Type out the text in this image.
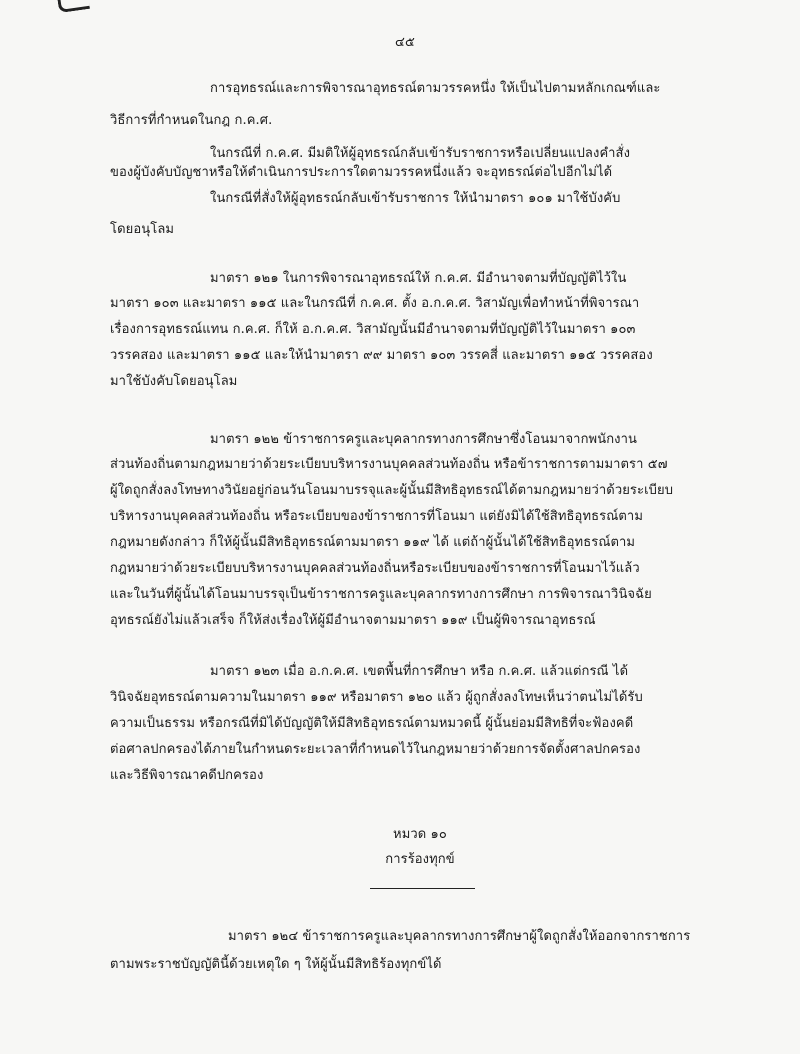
๔๕
การอุทธรณ์และการพิจารณาอุทธรณ์ตามวรรคหนึ่ง ให้เป็นไปตามหลักเกณฑ์และ
วิธีการที่กำหนดในกฎ ก.ค.ศ.
ในกรณีที่ ก.ค.ศ. มีมติให้ผู้อุทธรณ์กลับเข้ารับราชการหรือเปลี่ยนแปลงคำสั่ง
ของผู้บังคับบัญชาหรือให้ดำเนินการประการใดตามวรรคหนึ่งแล้ว จะอุทธรณ์ต่อไปอีกไม่ได้
ในกรณีที่สั่งให้ผู้อุทธรณ์กลับเข้ารับราชการ ให้นำมาตรา ๑๐๑ มาใช้บังคับ
โดยอนุโลม
มาตรา ๑๒๑ ในการพิจารณาอุทธรณ์ให้ ก.ค.ศ. มีอำนาจตามที่บัญญัติไว้ใน
มาตรา ๑๐๓ และมาตรา ๑๑๕ และในกรณีที่ ก.ค.ศ. ตั้ง อ.ก.ค.ศ. วิสามัญเพื่อทำหน้าที่พิจารณา
เรื่องการอุทธรณ์แทน ก.ค.ศ. ก็ให้ อ.ก.ค.ศ. วิสามัญนั้นมีอำนาจตามที่บัญญัติไว้ในมาตรา ๑๐๓
วรรคสอง และมาตรา ๑๑๕ และให้นำมาตรา ๙๙ มาตรา ๑๐๓ วรรคสี่ และมาตรา ๑๑๕ วรรคสอง
มาใช้บังคับโดยอนุโลม
มาตรา ๑๒๒ ข้าราชการครูและบุคลากรทางการศึกษาซึ่งโอนมาจากพนักงาน
ส่วนท้องถิ่นตามกฎหมายว่าด้วยระเบียบบริหารงานบุคคลส่วนท้องถิ่น หรือข้าราชการตามมาตรา ๕๗
ผู้ใดถูกสั่งลงโทษทางวินัยอยู่ก่อนวันโอนมาบรรจุและผู้นั้นมีสิทธิอุทธรณ์ได้ตามกฎหมายว่าด้วยระเบียบ
บริหารงานบุคคลส่วนท้องถิ่น หรือระเบียบของข้าราชการที่โอนมา แต่ยังมิได้ใช้สิทธิอุทธรณ์ตาม
กฎหมายดังกล่าว ก็ให้ผู้นั้นมีสิทธิอุทธรณ์ตามมาตรา ๑๑๙ ได้ แต่ถ้าผู้นั้นได้ใช้สิทธิอุทธรณ์ตาม
กฎหมายว่าด้วยระเบียบบริหารงานบุคคลส่วนท้องถิ่นหรือระเบียบของข้าราชการที่โอนมาไว้แล้ว
และในวันที่ผู้นั้นได้โอนมาบรรจุเป็นข้าราชการครูและบุคลากรทางการศึกษา การพิจารณาวินิจฉัย
อุทธรณ์ยังไม่แล้วเสร็จ ก็ให้ส่งเรื่องให้ผู้มีอำนาจตามมาตรา ๑๑๙ เป็นผู้พิจารณาอุทธรณ์
มาตรา ๑๒๓ เมื่อ อ.ก.ค.ศ. เขตพื้นที่การศึกษา หรือ ก.ค.ศ. แล้วแต่กรณี ได้
วินิจฉัยอุทธรณ์ตามความในมาตรา ๑๑๙ หรือมาตรา ๑๒๐ แล้ว ผู้ถูกสั่งลงโทษเห็นว่าตนไม่ได้รับ
ความเป็นธรรม หรือกรณีที่มิได้บัญญัติให้มีสิทธิอุทธรณ์ตามหมวดนี้ ผู้นั้นย่อมมีสิทธิที่จะฟ้องคดี
ต่อศาลปกครองได้ภายในกำหนดระยะเวลาที่กำหนดไว้ในกฎหมายว่าด้วยการจัดตั้งศาลปกครอง
และวิธีพิจารณาคดีปกครอง
หมวด ๑๐
การร้องทุกข์
มาตรา ๑๒๔ ข้าราชการครูและบุคลากรทางการศึกษาผู้ใดถูกสั่งให้ออกจากราชการ
ตามพระราชบัญญัตินี้ด้วยเหตุใด ๆ ให้ผู้นั้นมีสิทธิร้องทุกข์ได้
